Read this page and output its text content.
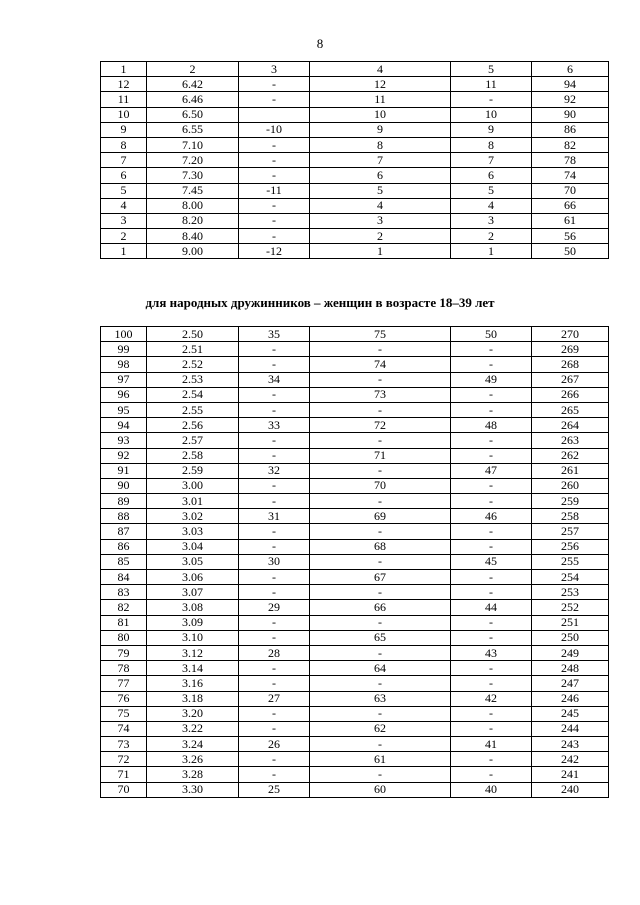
8
1	2	3	4	5	6
12	6.42	-	12	11	94
11	6.46	-	11	-	92
10	6.50		10	10	90
9	6.55	-10	9	9	86
8	7.10	-	8	8	82
7	7.20	-	7	7	78
6	7.30	-	6	6	74
5	7.45	-11	5	5	70
4	8.00	-	4	4	66
3	8.20	-	3	3	61
2	8.40	-	2	2	56
1	9.00	-12	1	1	50
для народных дружинников – женщин в возрасте 18–39 лет
100	2.50	35	75	50	270
99	2.51	-	-	-	269
98	2.52	-	74	-	268
97	2.53	34	-	49	267
96	2.54	-	73	-	266
95	2.55	-	-	-	265
94	2.56	33	72	48	264
93	2.57	-	-	-	263
92	2.58	-	71	-	262
91	2.59	32	-	47	261
90	3.00	-	70	-	260
89	3.01	-	-	-	259
88	3.02	31	69	46	258
87	3.03	-	-	-	257
86	3.04	-	68	-	256
85	3.05	30	-	45	255
84	3.06	-	67	-	254
83	3.07	-	-	-	253
82	3.08	29	66	44	252
81	3.09	-	-	-	251
80	3.10	-	65	-	250
79	3.12	28	-	43	249
78	3.14	-	64	-	248
77	3.16	-	-	-	247
76	3.18	27	63	42	246
75	3.20	-	-	-	245
74	3.22	-	62	-	244
73	3.24	26	-	41	243
72	3.26	-	61	-	242
71	3.28	-	-	-	241
70	3.30	25	60	40	240
